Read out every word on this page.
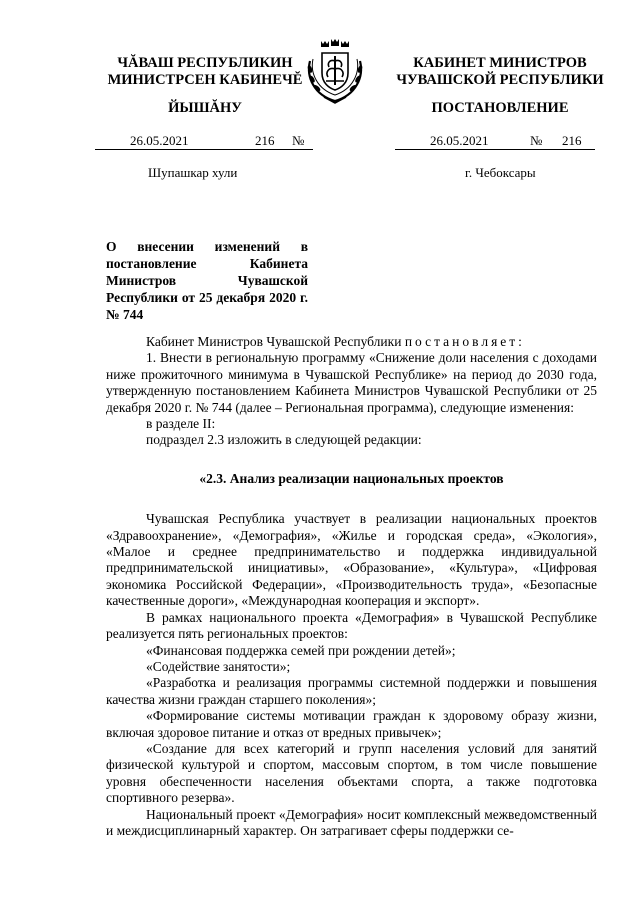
ЧĂВАШ РЕСПУБЛИКИН
МИНИСТРСЕН КАБИНЕЧĔ
ЙЫШĂНУ
КАБИНЕТ МИНИСТРОВ
ЧУВАШСКОЙ РЕСПУБЛИКИ
ПОСТАНОВЛЕНИЕ
26.05.2021	216 №	26.05.2021	№ 216
Шупашкар хули	г. Чебоксары
О внесении изменений в постановление Кабинета Министров Чувашской Республики от 25 декабря 2020 г. № 744

Кабинет Министров Чувашской Республики постановляет:

1. Внести в региональную программу «Снижение доли населения с доходами ниже прожиточного минимума в Чувашской Республике» на период до 2030 года, утвержденную постановлением Кабинета Министров Чувашской Республики от 25 декабря 2020 г. № 744 (далее – Региональная программа), следующие изменения:

в разделе II:

подраздел 2.3 изложить в следующей редакции:

«2.3. Анализ реализации национальных проектов

Чувашская Республика участвует в реализации национальных проектов «Здравоохранение», «Демография», «Жилье и городская среда», «Экология», «Малое и среднее предпринимательство и поддержка индивидуальной предпринимательской инициативы», «Образование», «Культура», «Цифровая экономика Российской Федерации», «Производительность труда», «Безопасные качественные дороги», «Международная кооперация и экспорт».

В рамках национального проекта «Демография» в Чувашской Республике реализуется пять региональных проектов:

«Финансовая поддержка семей при рождении детей»;

«Содействие занятости»;

«Разработка и реализация программы системной поддержки и повышения качества жизни граждан старшего поколения»;

«Формирование системы мотивации граждан к здоровому образу жизни, включая здоровое питание и отказ от вредных привычек»;

«Создание для всех категорий и групп населения условий для занятий физической культурой и спортом, массовым спортом, в том числе повышение уровня обеспеченности населения объектами спорта, а также подготовка спортивного резерва».

Национальный проект «Демография» носит комплексный межведомственный и междисциплинарный характер. Он затрагивает сферы поддержки се-
